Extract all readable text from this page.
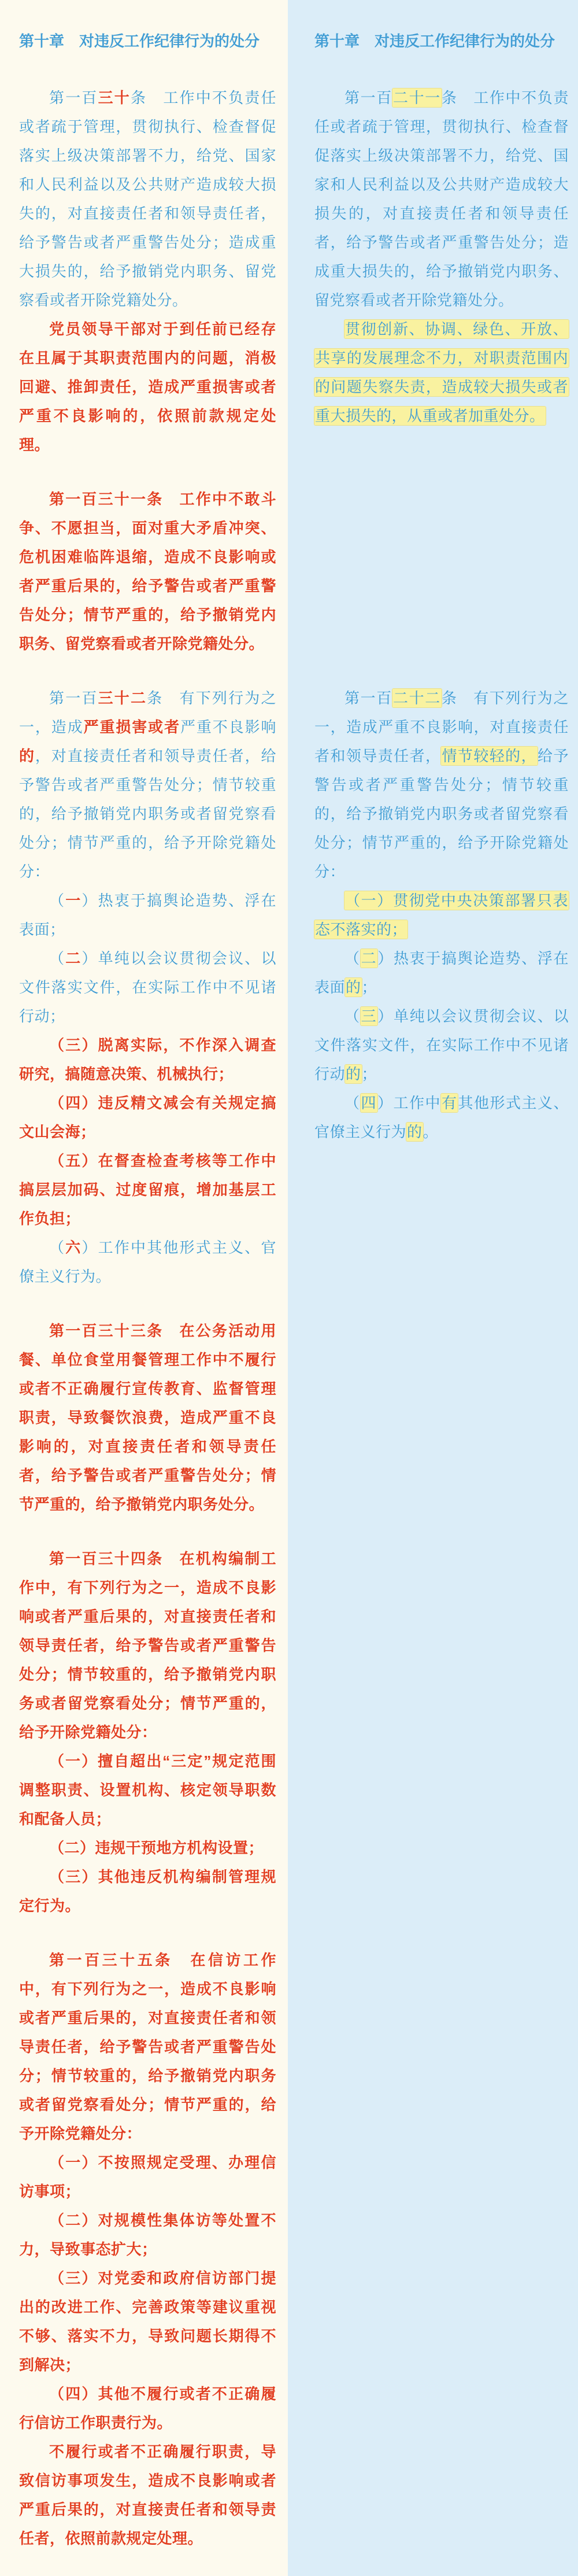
第十章　对违反工作纪律行为的处分	第十章　对违反工作纪律行为的处分

第一百三十条　工作中不负责任或者疏于管理，贯彻执行、检查督促落实上级决策部署不力，给党、国家和人民利益以及公共财产造成较大损失的，对直接责任者和领导责任者，给予警告或者严重警告处分；造成重大损失的，给予撤销党内职务、留党察看或者开除党籍处分。

党员领导干部对于到任前已经存在且属于其职责范围内的问题，消极回避、推卸责任，造成严重损害或者严重不良影响的，依照前款规定处理。

第一百二十一条　工作中不负责任或者疏于管理，贯彻执行、检查督促落实上级决策部署不力，给党、国家和人民利益以及公共财产造成较大损失的，对直接责任者和领导责任者，给予警告或者严重警告处分；造成重大损失的，给予撤销党内职务、留党察看或者开除党籍处分。

贯彻创新、协调、绿色、开放、共享的发展理念不力，对职责范围内的问题失察失责，造成较大损失或者重大损失的，从重或者加重处分。

第一百三十一条　工作中不敢斗争、不愿担当，面对重大矛盾冲突、危机困难临阵退缩，造成不良影响或者严重后果的，给予警告或者严重警告处分；情节严重的，给予撤销党内职务、留党察看或者开除党籍处分。

第一百三十二条　有下列行为之一，造成严重损害或者严重不良影响的，对直接责任者和领导责任者，给予警告或者严重警告处分；情节较重的，给予撤销党内职务或者留党察看处分；情节严重的，给予开除党籍处分：

（一）热衷于搞舆论造势、浮在表面；

（二）单纯以会议贯彻会议、以文件落实文件，在实际工作中不见诸行动；

（三）脱离实际，不作深入调查研究，搞随意决策、机械执行；

（四）违反精文减会有关规定搞文山会海；

（五）在督查检查考核等工作中搞层层加码、过度留痕，增加基层工作负担；

（六）工作中其他形式主义、官僚主义行为。

第一百二十二条　有下列行为之一，造成严重不良影响，对直接责任者和领导责任者，情节较轻的，给予警告或者严重警告处分；情节较重的，给予撤销党内职务或者留党察看处分；情节严重的，给予开除党籍处分：

（一）贯彻党中央决策部署只表态不落实的；

（二）热衷于搞舆论造势、浮在表面的；

（三）单纯以会议贯彻会议、以文件落实文件，在实际工作中不见诸行动的；

（四）工作中有其他形式主义、官僚主义行为的。

第一百三十三条　在公务活动用餐、单位食堂用餐管理工作中不履行或者不正确履行宣传教育、监督管理职责，导致餐饮浪费，造成严重不良影响的，对直接责任者和领导责任者，给予警告或者严重警告处分；情节严重的，给予撤销党内职务处分。

第一百三十四条　在机构编制工作中，有下列行为之一，造成不良影响或者严重后果的，对直接责任者和领导责任者，给予警告或者严重警告处分；情节较重的，给予撤销党内职务或者留党察看处分；情节严重的，给予开除党籍处分：

（一）擅自超出“三定”规定范围调整职责、设置机构、核定领导职数和配备人员；

（二）违规干预地方机构设置；

（三）其他违反机构编制管理规定行为。

第一百三十五条　在信访工作中，有下列行为之一，造成不良影响或者严重后果的，对直接责任者和领导责任者，给予警告或者严重警告处分；情节较重的，给予撤销党内职务或者留党察看处分；情节严重的，给予开除党籍处分：

（一）不按照规定受理、办理信访事项；

（二）对规模性集体访等处置不力，导致事态扩大；

（三）对党委和政府信访部门提出的改进工作、完善政策等建议重视不够、落实不力，导致问题长期得不到解决；

（四）其他不履行或者不正确履行信访工作职责行为。

不履行或者不正确履行职责，导致信访事项发生，造成不良影响或者严重后果的，对直接责任者和领导责任者，依照前款规定处理。
